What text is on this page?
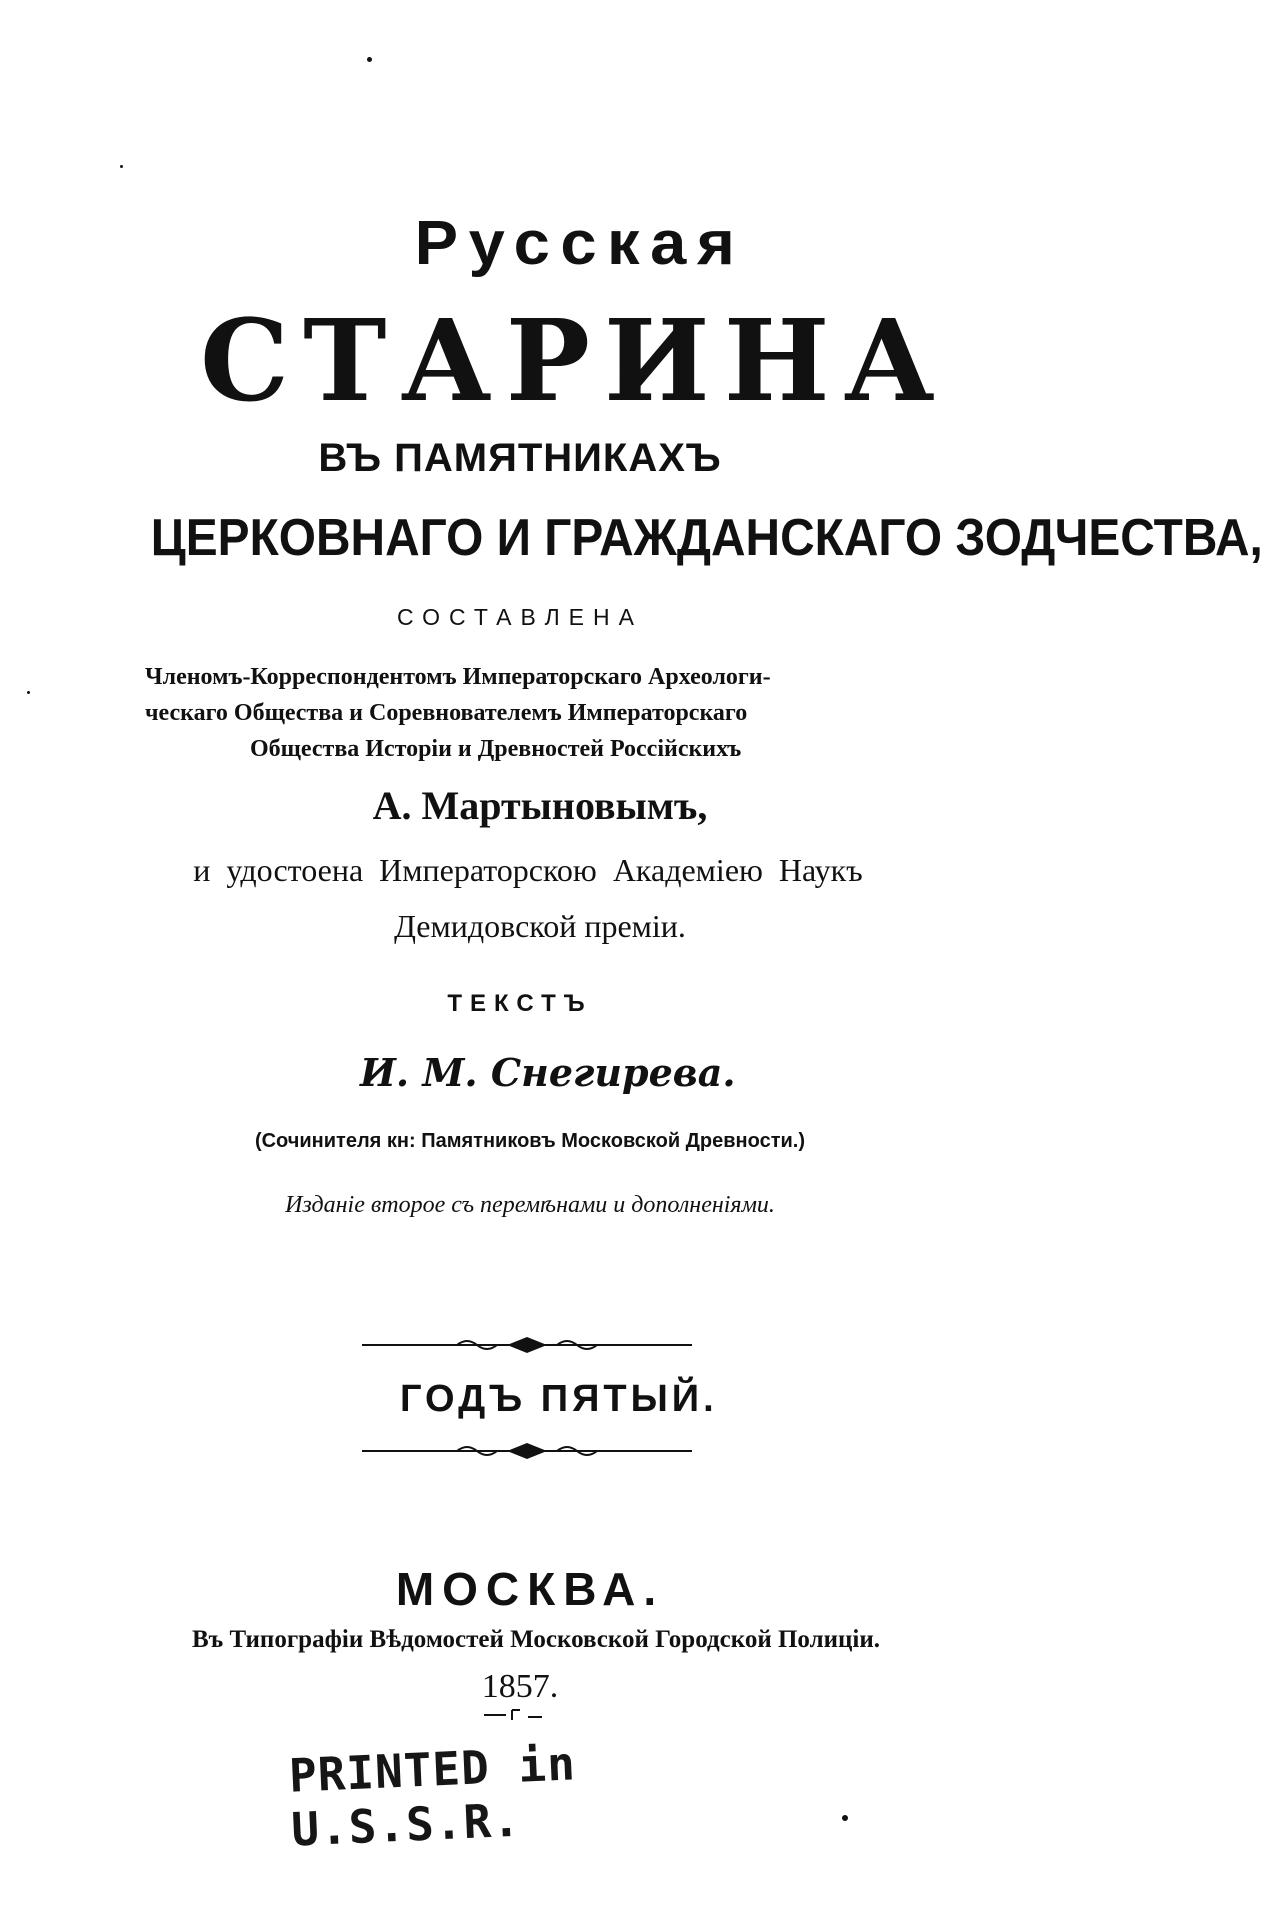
Русская
СТАРИНА
ВЪ ПАМЯТНИКАХЪ
ЦЕРКОВНАГО И ГРАЖДАНСКАГО ЗОДЧЕСТВА,
СОСТАВЛЕНА
Членомъ-Корреспондентомъ Императорскаго Археологи-
ческаго Общества и Соревнователемъ Императорскаго
Общества Исторіи и Древностей Россійскихъ
А. Мартыновымъ,
и удостоена Императорскою Академіею Наукъ
Демидовской преміи.
ТЕКСТЪ
И. М. Снегирева.
(Сочинителя кн: Памятниковъ Московской Древности.)
Изданіе второе съ перемѣнами и дополненіями.
ГОДЪ ПЯТЫЙ.
МОСКВА.
Въ Типографіи Вѣдомостей Московской Городской Полиціи.
1857.
PRINTED in U.S.S.R.
